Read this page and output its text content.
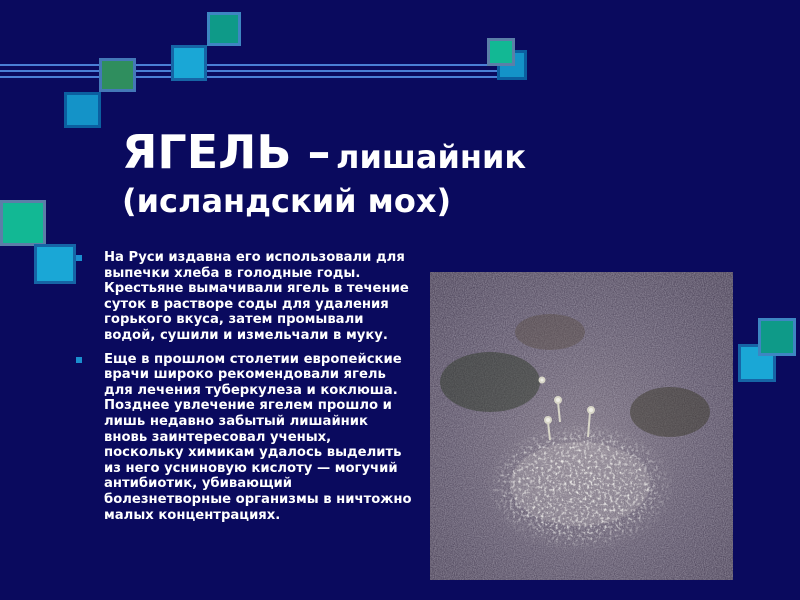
ЯГЕЛЬ – лишайник
(исландский мох)
На Руси издавна его использовали для выпечки хлеба в голодные годы. Крестьяне вымачивали ягель в течение суток в растворе соды для удаления горького вкуса, затем промывали водой, сушили и измельчали в муку.
Еще в прошлом столетии европейские врачи широко рекомендовали ягель для лечения туберкулеза и коклюша. Позднее увлечение ягелем прошло и лишь недавно забытый лишайник вновь заинтересовал ученых, поскольку химикам удалось выделить из него усниновую кислоту — могучий антибиотик, убивающий болезнетворные организмы в ничтожно малых концентрациях.
